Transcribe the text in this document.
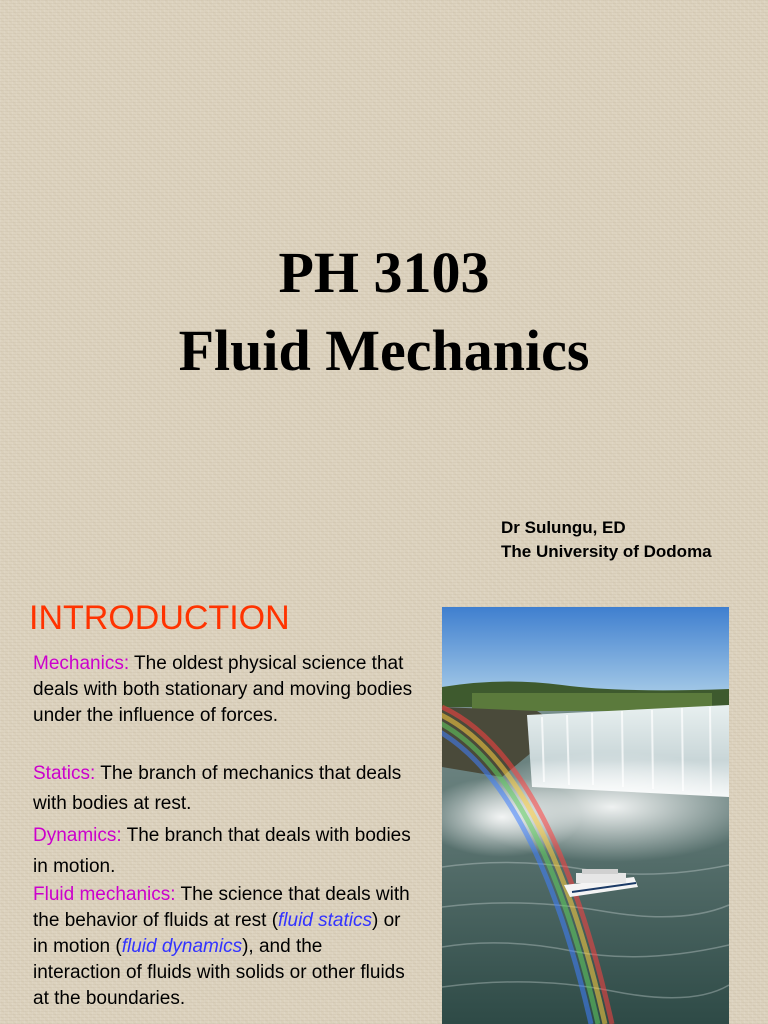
PH 3103
Fluid Mechanics
Dr Sulungu, ED
The University of Dodoma
INTRODUCTION
Mechanics: The oldest physical science that deals with both stationary and moving bodies under the influence of forces.
Statics: The branch of mechanics that deals with bodies at rest.
Dynamics: The branch that deals with bodies in motion.
Fluid mechanics: The science that deals with the behavior of fluids at rest (fluid statics) or in motion (fluid dynamics), and the interaction of fluids with solids or other fluids at the boundaries.
